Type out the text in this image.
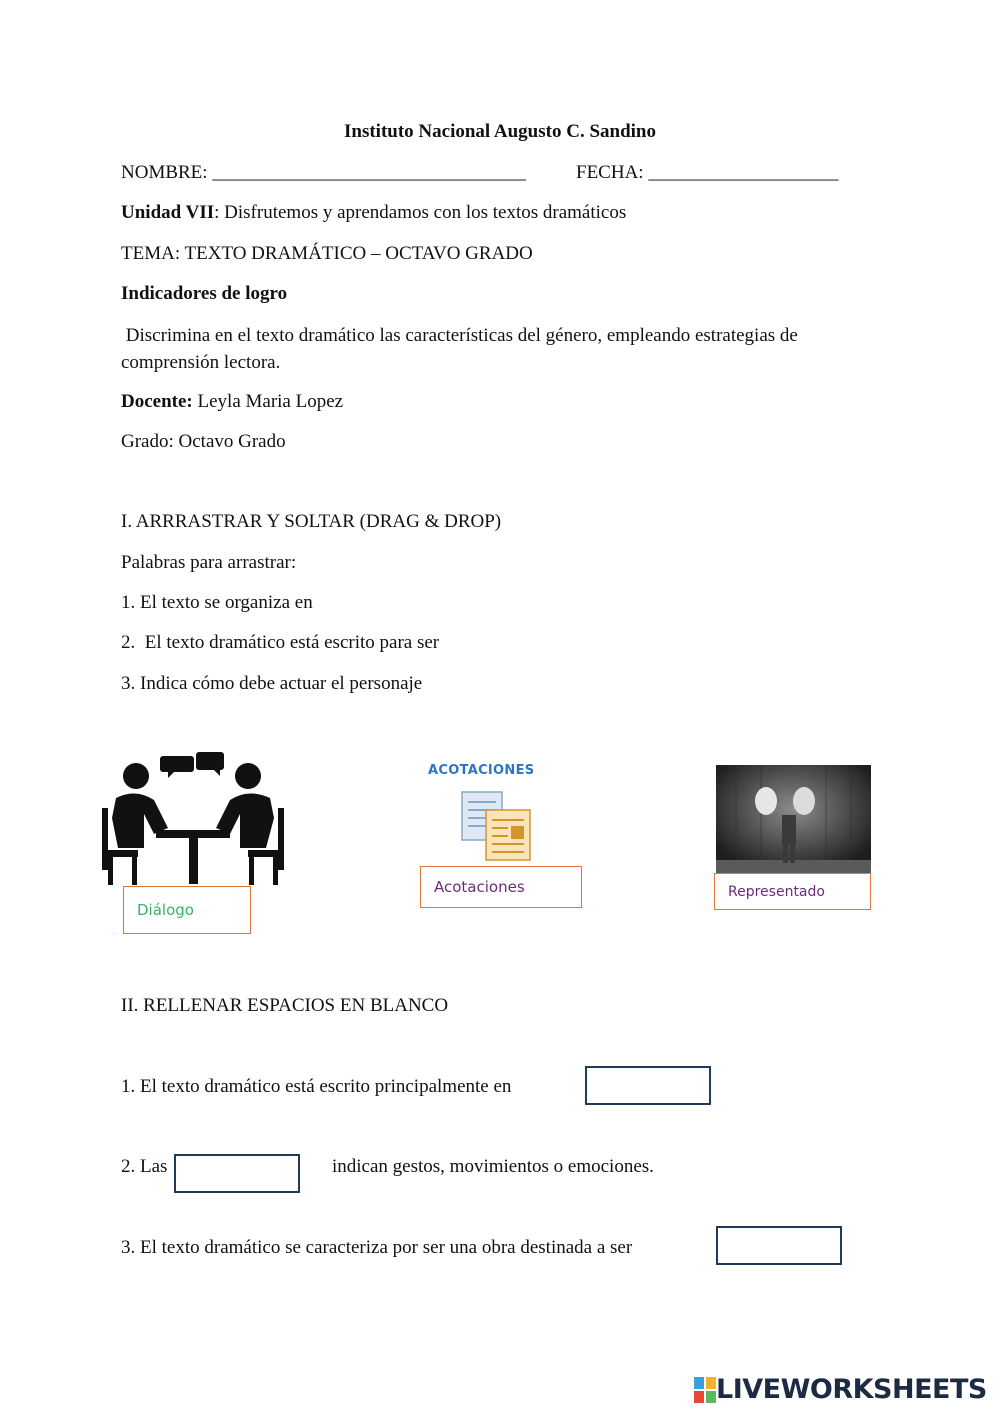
Instituto Nacional Augusto C. Sandino
NOMBRE: _________________________________	FECHA: ____________________
Unidad VII: Disfrutemos y aprendamos con los textos dramáticos
TEMA: TEXTO DRAMÁTICO – OCTAVO GRADO
Indicadores de logro
Discrimina en el texto dramático las características del género, empleando estrategias de comprensión lectora.
Docente: Leyla Maria Lopez
Grado: Octavo Grado
I. ARRRASTRAR Y SOLTAR (DRAG & DROP)
Palabras para arrastrar:
1. El texto se organiza en
2.  El texto dramático está escrito para ser
3. Indica cómo debe actuar el personaje
ACOTACIONES
Diálogo
Acotaciones	Representado
II. RELLENAR ESPACIOS EN BLANCO
1. El texto dramático está escrito principalmente en
2. Las	indican gestos, movimientos o emociones.
3. El texto dramático se caracteriza por ser una obra destinada a ser
LIVEWORKSHEETS
